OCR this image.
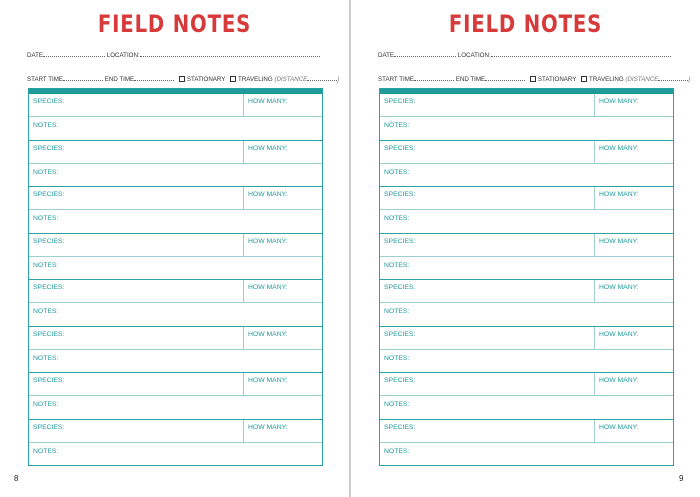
FIELD NOTES
DATE	LOCATION:
START TIME	END TIME	STATIONARY TRAVELING (DISTANCE	)
SPECIES:	HOW MANY:
NOTES:
SPECIES:	HOW MANY:
NOTES:
SPECIES:	HOW MANY:
NOTES:
SPECIES:	HOW MANY:
NOTES:
SPECIES:	HOW MANY:
NOTES:
SPECIES:	HOW MANY:
NOTES:
SPECIES:	HOW MANY:
NOTES:
SPECIES:	HOW MANY:
NOTES:
8
FIELD NOTES
DATE	LOCATION:
START TIME	END TIME	STATIONARY TRAVELING (DISTANCE	)
SPECIES:	HOW MANY:
NOTES:
SPECIES:	HOW MANY:
NOTES:
SPECIES:	HOW MANY:
NOTES:
SPECIES:	HOW MANY:
NOTES:
SPECIES:	HOW MANY:
NOTES:
SPECIES:	HOW MANY:
NOTES:
SPECIES:	HOW MANY:
NOTES:
SPECIES:	HOW MANY:
NOTES:
9
